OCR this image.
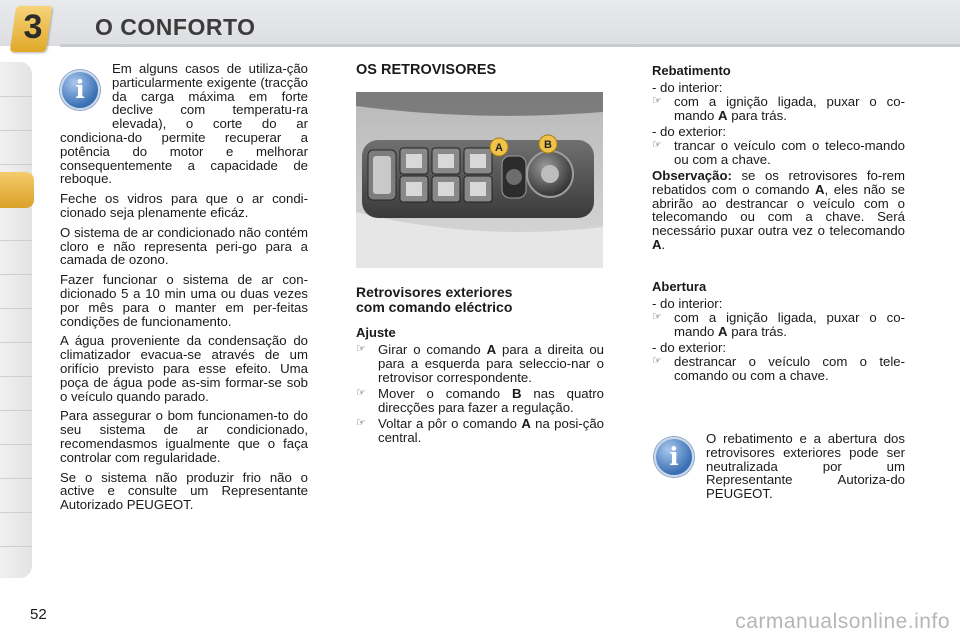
3 O CONFORTO
i

Em alguns casos de utiliza-ção particularmente exigente (tracção da carga máxima em forte declive com temperatu-ra elevada), o corte do ar condiciona-do permite recuperar a potência do motor e melhorar consequentemente a capacidade de reboque.

Feche os vidros para que o ar condi-cionado seja plenamente eficáz.

O sistema de ar condicionado não contém cloro e não representa peri-go para a camada de ozono.

Fazer funcionar o sistema de ar con-dicionado 5 a 10 min uma ou duas vezes por mês para o manter em per-feitas condições de funcionamento.

A água proveniente da condensação do climatizador evacua-se através de um orifício previsto para esse efeito. Uma poça de água pode as-sim formar-se sob o veículo quando parado.

Para assegurar o bom funcionamen-to do seu sistema de ar condicionado, recomendasmos igualmente que o faça controlar com regularidade.

Se o sistema não produzir frio não o active e consulte um Representante Autorizado PEUGEOT.

OS RETROVISORES
A	B
Retrovisores exteriores
com comando eléctrico
Ajuste
☞ Girar o comando A para a direita ou para a esquerda para seleccio-nar o retrovisor correspondente.
☞ Mover o comando B nas quatro direcções para fazer a regulação.
☞ Voltar a pôr o comando A na posi-ção central.
Rebatimento
- do interior:
☞ com a ignição ligada, puxar o co-mando A para trás.
- do exterior:
☞ trancar o veículo com o teleco-mando ou com a chave.
Observação: se os retrovisores fo-rem rebatidos com o comando A, eles não se abrirão ao destrancar o veículo com o telecomando ou com a chave. Será necessário puxar outra vez o telecomando A.
Abertura
- do interior:
☞ com a ignição ligada, puxar o co-mando A para trás.
- do exterior:
☞ destrancar o veículo com o tele-comando ou com a chave.
i
O rebatimento e a abertura dos retrovisores exteriores pode ser neutralizada por um Representante Autoriza-do PEUGEOT.
52	carmanualsonline.info
